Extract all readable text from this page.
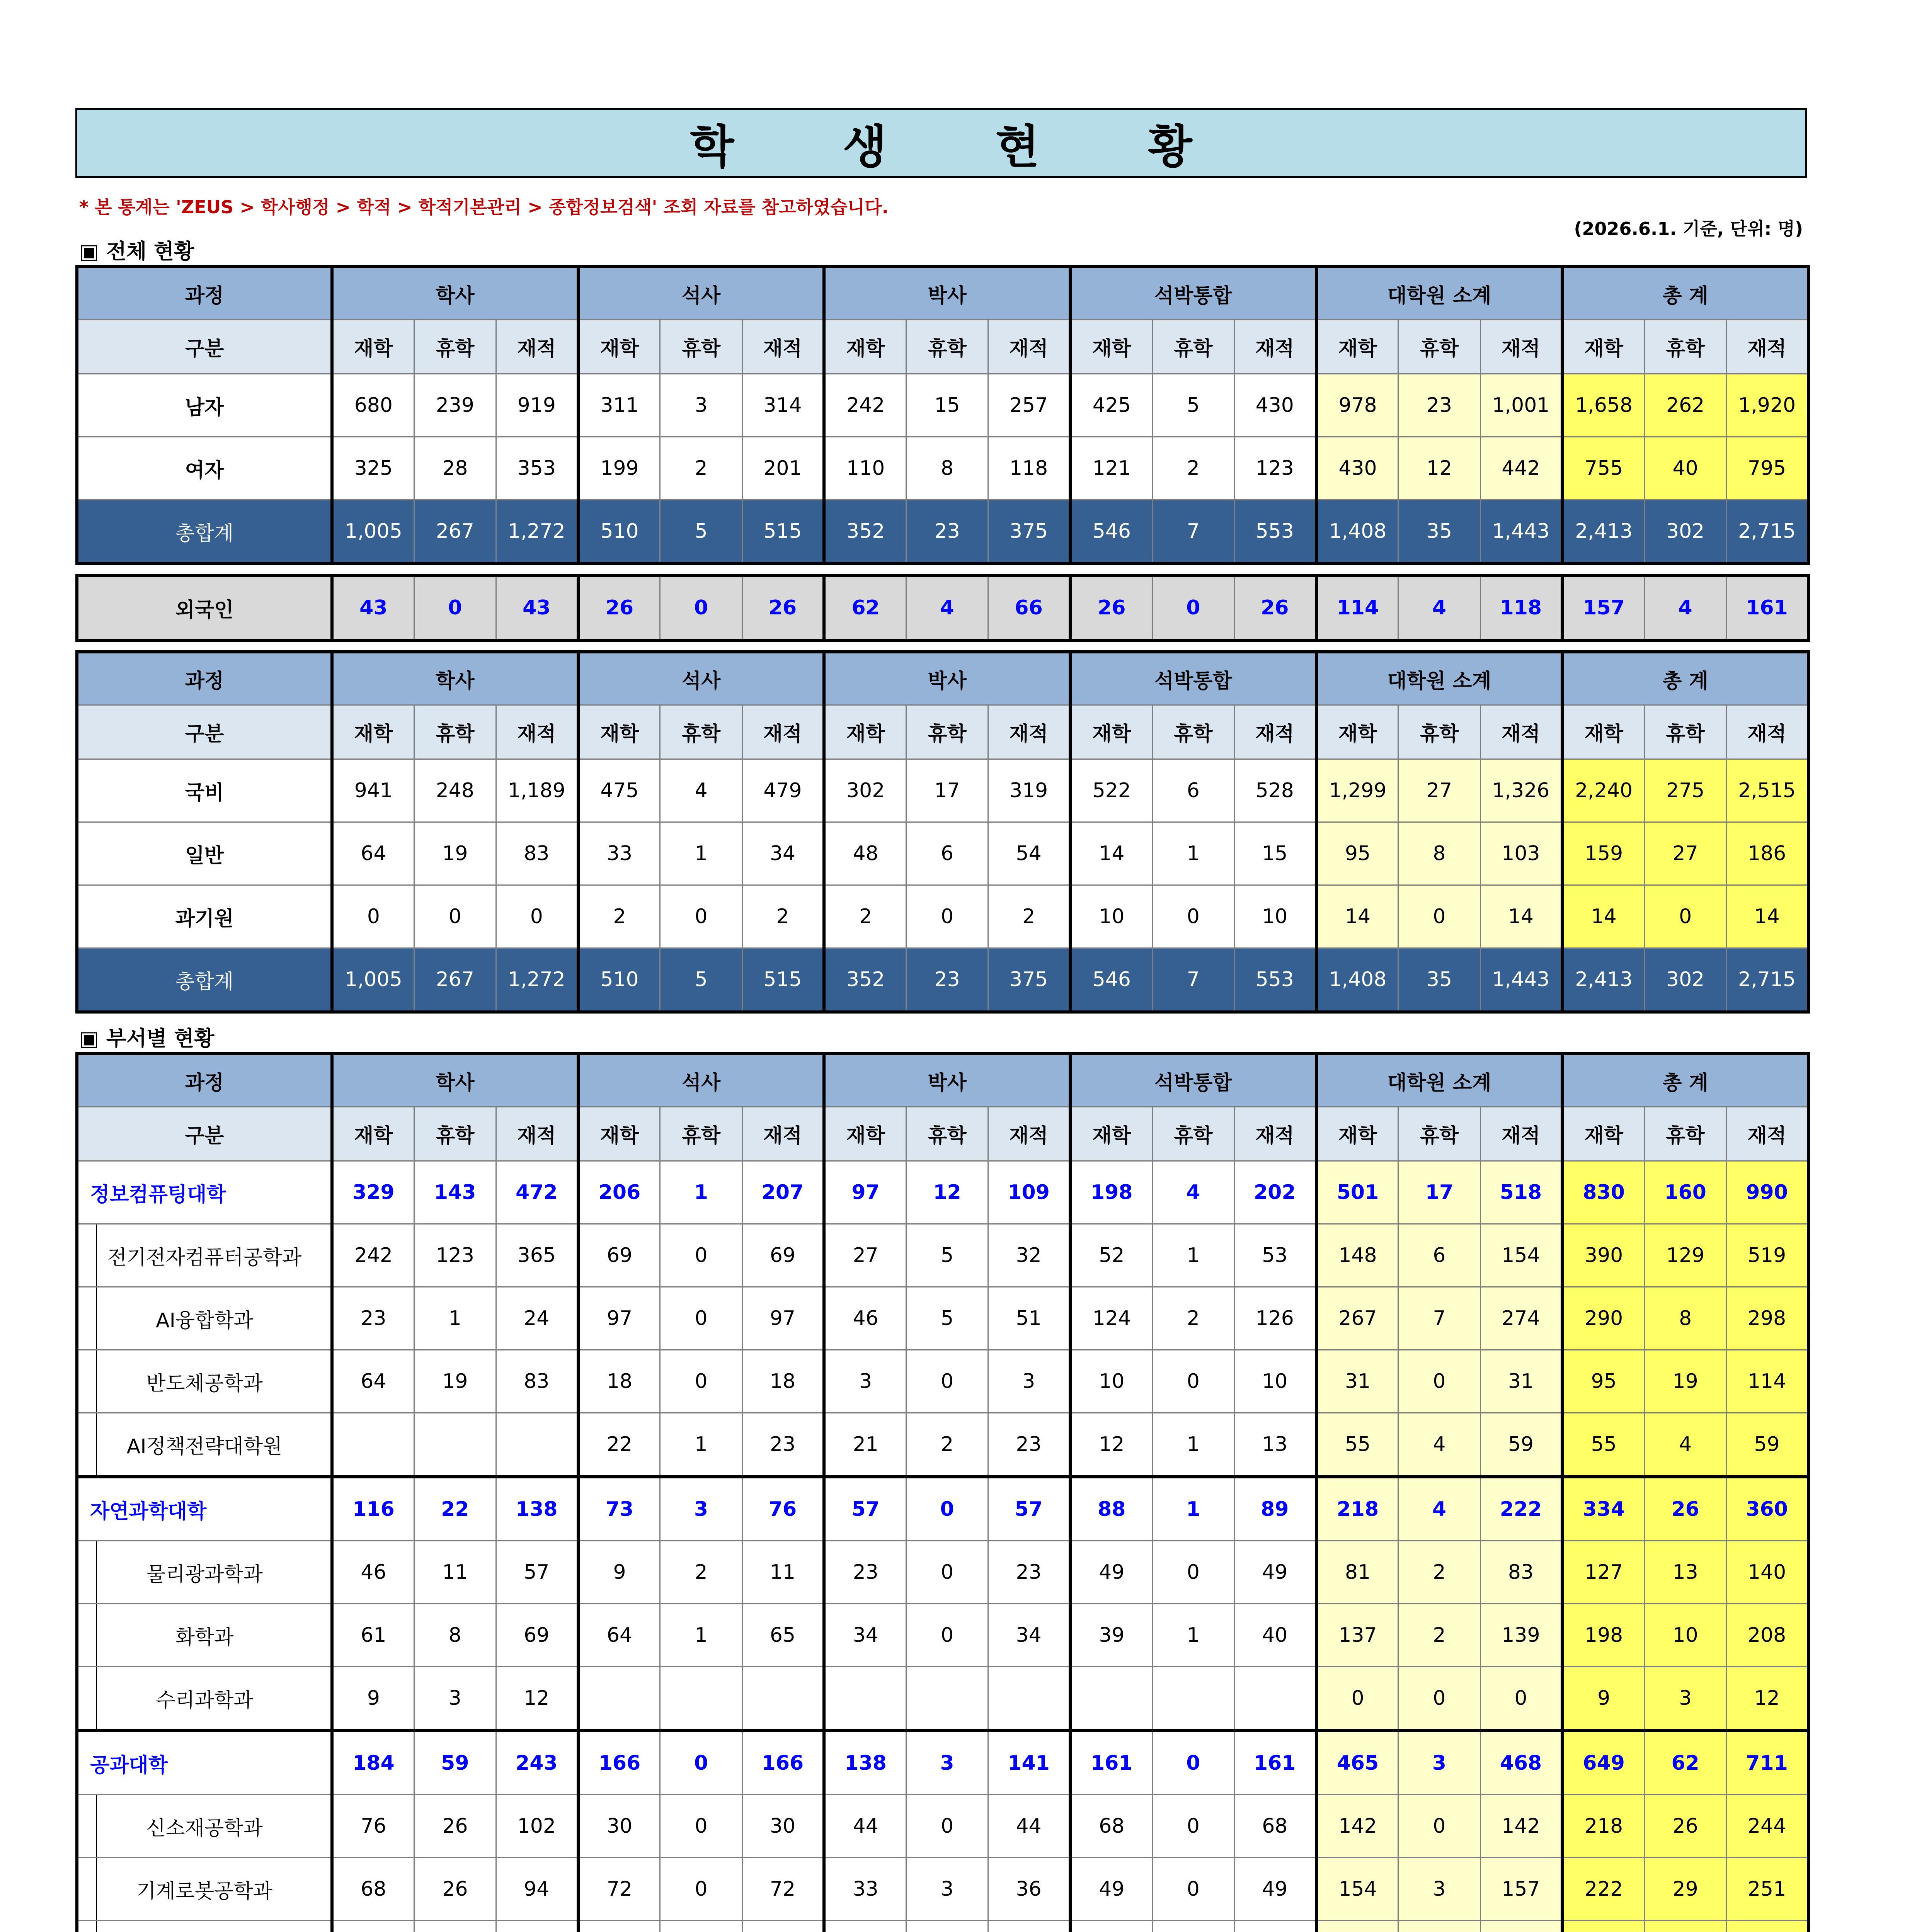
학 생 현 황
* 본 통계는 'ZEUS > 학사행정 > 학적 > 학적기본관리 > 종합정보검색' 조회 자료를 참고하였습니다.
(2026.6.1. 기준, 단위: 명)
▣ 전체 현황
과정	학사			석사			박사			석박통합			대학원 소계			총 계		
구분	재학	휴학	재적	재학	휴학	재적	재학	휴학	재적	재학	휴학	재적	재학	휴학	재적	재학	휴학	재적
남자	680	239	919	311	3	314	242	15	257	425	5	430	978	23	1,001	1,658	262	1,920
여자	325	28	353	199	2	201	110	8	118	121	2	123	430	12	442	755	40	795
총합계	1,005	267	1,272	510	5	515	352	23	375	546	7	553	1,408	35	1,443	2,413	302	2,715
외국인	43	0	43	26	0	26	62	4	66	26	0	26	114	4	118	157	4	161
과정	학사			석사			박사			석박통합			대학원 소계			총 계		
구분	재학	휴학	재적	재학	휴학	재적	재학	휴학	재적	재학	휴학	재적	재학	휴학	재적	재학	휴학	재적
국비	941	248	1,189	475	4	479	302	17	319	522	6	528	1,299	27	1,326	2,240	275	2,515
일반	64	19	83	33	1	34	48	6	54	14	1	15	95	8	103	159	27	186
과기원	0	0	0	2	0	2	2	0	2	10	0	10	14	0	14	14	0	14
총합계	1,005	267	1,272	510	5	515	352	23	375	546	7	553	1,408	35	1,443	2,413	302	2,715
▣ 부서별 현황
과정	학사			석사			박사			석박통합			대학원 소계			총 계		
구분	재학	휴학	재적	재학	휴학	재적	재학	휴학	재적	재학	휴학	재적	재학	휴학	재적	재학	휴학	재적
정보컴퓨팅대학	329	143	472	206	1	207	97	12	109	198	4	202	501	17	518	830	160	990
전기전자컴퓨터공학과	242	123	365	69	0	69	27	5	32	52	1	53	148	6	154	390	129	519
AI융합학과	23	1	24	97	0	97	46	5	51	124	2	126	267	7	274	290	8	298
반도체공학과	64	19	83	18	0	18	3	0	3	10	0	10	31	0	31	95	19	114
AI정책전략대학원				22	1	23	21	2	23	12	1	13	55	4	59	55	4	59
자연과학대학	116	22	138	73	3	76	57	0	57	88	1	89	218	4	222	334	26	360
물리광과학과	46	11	57	9	2	11	23	0	23	49	0	49	81	2	83	127	13	140
화학과	61	8	69	64	1	65	34	0	34	39	1	40	137	2	139	198	10	208
수리과학과	9	3	12										0	0	0	9	3	12
공과대학	184	59	243	166	0	166	138	3	141	161	0	161	465	3	468	649	62	711
신소재공학과	76	26	102	30	0	30	44	0	44	68	0	68	142	0	142	218	26	244
기계로봇공학과	68	26	94	72	0	72	33	3	36	49	0	49	154	3	157	222	29	251
